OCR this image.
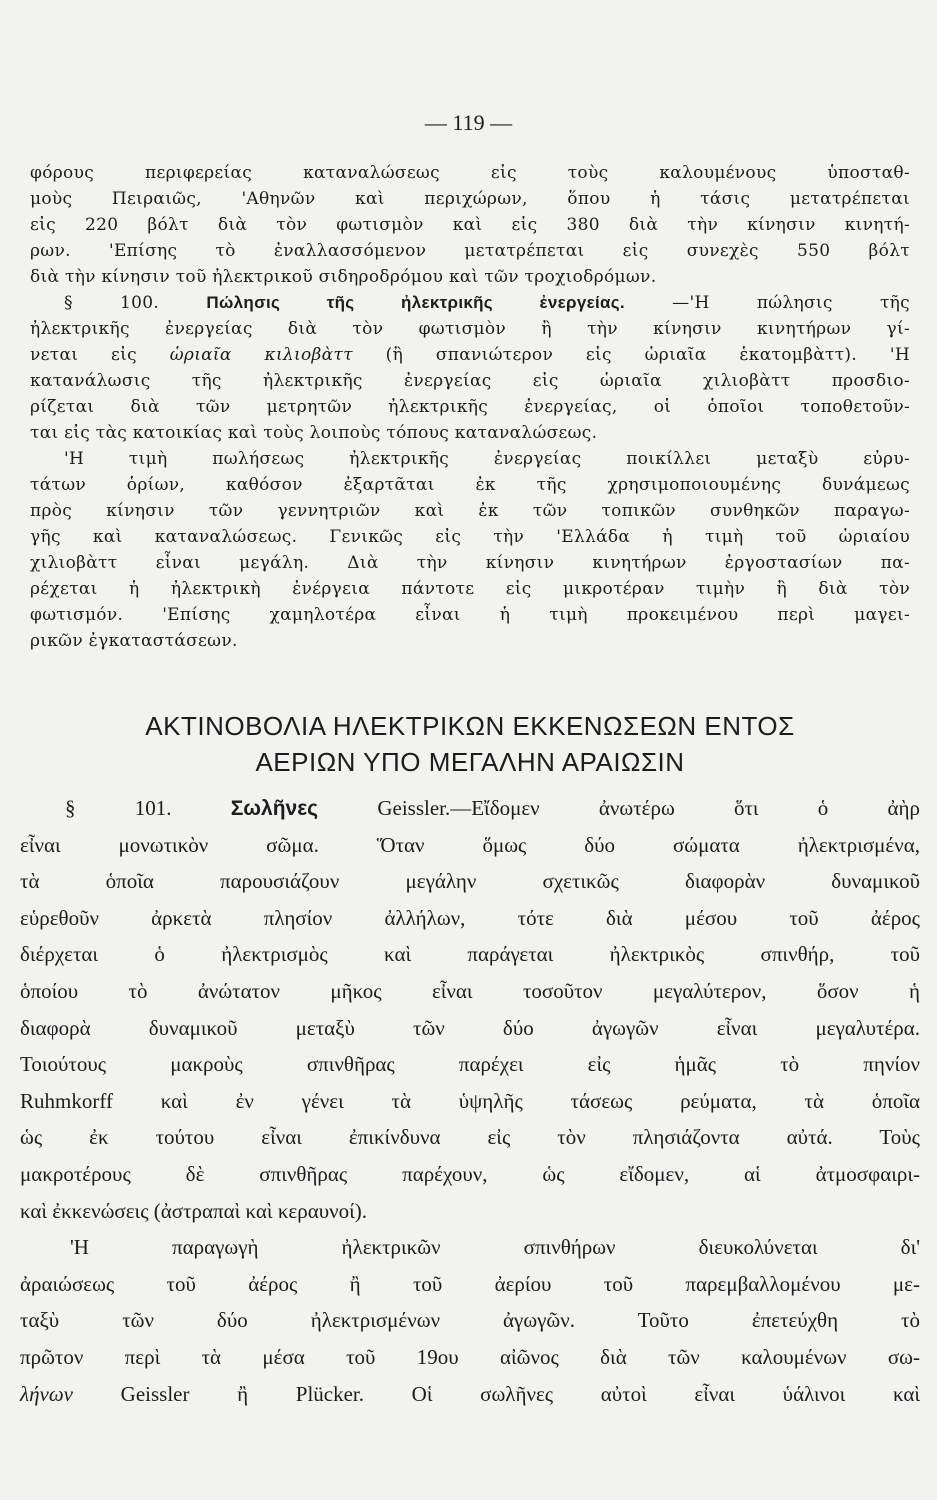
— 119 —
φόρους περιφερείας καταναλώσεως εἰς τοὺς καλουμένους ὑποσταθ-
μοὺς Πειραιῶς, 'Αθηνῶν καὶ περιχώρων, ὅπου ἡ τάσις μετατρέπεται
εἰς 220 βόλτ διὰ τὸν φωτισμὸν καὶ εἰς 380 διὰ τὴν κίνησιν κινητή-
ρων. 'Επίσης τὸ ἐναλλασσόμενον μετατρέπεται εἰς συνεχὲς 550 βόλτ
διὰ τὴν κίνησιν τοῦ ἠλεκτρικοῦ σιδηροδρόμου καὶ τῶν τροχιοδρόμων.
§ 100.	Πώλησις τῆς ἠλεκτρικῆς ἐνεργείας.	—'Η πώλησις τῆς
ἠλεκτρικῆς ἐνεργείας διὰ τὸν φωτισμὸν ἢ τὴν κίνησιν κινητήρων γί-
νεται εἰς ὡριαῖα κιλιοβὰττ (ἢ σπανιώτερον εἰς ὡριαῖα ἑκατομβὰττ). 'Η
κατανάλωσις τῆς ἠλεκτρικῆς ἐνεργείας εἰς ὡριαῖα χιλιοβὰττ προσδιο-
ρίζεται διὰ τῶν μετρητῶν ἠλεκτρικῆς ἐνεργείας, οἱ ὁποῖοι τοποθετοῦν-
ται εἰς τὰς κατοικίας καὶ τοὺς λοιποὺς τόπους καταναλώσεως.
'Η τιμὴ πωλήσεως ἠλεκτρικῆς ἐνεργείας ποικίλλει μεταξὺ εὐρυ-
τάτων ὁρίων, καθόσον ἐξαρτᾶται ἐκ τῆς χρησιμοποιουμένης δυνάμεως
πρὸς κίνησιν τῶν γεννητριῶν καὶ ἐκ τῶν τοπικῶν συνθηκῶν παραγω-
γῆς καὶ καταναλώσεως. Γενικῶς εἰς τὴν 'Ελλάδα ἡ τιμὴ τοῦ ὡριαίου
χιλιοβὰττ εἶναι μεγάλη. Διὰ τὴν κίνησιν κινητήρων ἐργοστασίων πα-
ρέχεται ἡ ἠλεκτρικὴ ἐνέργεια πάντοτε εἰς μικροτέραν τιμὴν ἢ διὰ τὸν
φωτισμόν. 'Επίσης χαμηλοτέρα εἶναι ἡ τιμὴ προκειμένου περὶ μαγει-
ρικῶν ἐγκαταστάσεων.
ΑΚΤΙΝΟΒΟΛΙΑ ΗΛΕΚΤΡΙΚΩΝ ΕΚΚΕΝΩΣΕΩΝ ΕΝΤΟΣ
ΑΕΡΙΩΝ ΥΠΟ ΜΕΓΑΛΗΝ ΑΡΑΙΩΣΙΝ
§ 101.	Σωλῆνες	Geissler.—Εἴδομεν ἀνωτέρω ὅτι ὁ ἀὴρ
εἶναι μονωτικὸν σῶμα. Ὅταν ὅμως δύο σώματα ἠλεκτρισμένα,
τὰ ὁποῖα παρουσιάζουν μεγάλην σχετικῶς διαφορὰν δυναμικοῦ
εὑρεθοῦν ἀρκετὰ πλησίον ἀλλήλων, τότε διὰ μέσου τοῦ ἀέρος
διέρχεται ὁ ἠλεκτρισμὸς καὶ παράγεται ἠλεκτρικὸς σπινθήρ, τοῦ
ὁποίου τὸ ἀνώτατον μῆκος εἶναι τοσοῦτον μεγαλύτερον, ὅσον ἡ
διαφορὰ δυναμικοῦ μεταξὺ τῶν δύο ἀγωγῶν εἶναι μεγαλυτέρα.
Τοιούτους μακροὺς σπινθῆρας παρέχει εἰς ἡμᾶς τὸ πηνίον
Ruhmkorff καὶ ἐν γένει τὰ ὑψηλῆς τάσεως ρεύματα, τὰ ὁποῖα
ὡς ἐκ τούτου εἶναι ἐπικίνδυνα εἰς τὸν πλησιάζοντα αὐτά. Τοὺς
μακροτέρους δὲ σπινθῆρας παρέχουν, ὡς εἴδομεν, αἱ ἀτμοσφαιρι-
καὶ ἐκκενώσεις (ἀστραπαὶ καὶ κεραυνοί).
'Η παραγωγὴ ἠλεκτρικῶν σπινθήρων διευκολύνεται δι'
ἀραιώσεως τοῦ ἀέρος ἢ τοῦ ἀερίου τοῦ παρεμβαλλομένου με-
ταξὺ τῶν δύο ἠλεκτρισμένων ἀγωγῶν. Τοῦτο ἐπετεύχθη τὸ
πρῶτον περὶ τὰ μέσα τοῦ 19ου αἰῶνος διὰ τῶν καλουμένων σω-
λήνων Geissler ἢ Plücker. Οἱ σωλῆνες αὐτοὶ εἶναι ὑάλινοι καὶ
